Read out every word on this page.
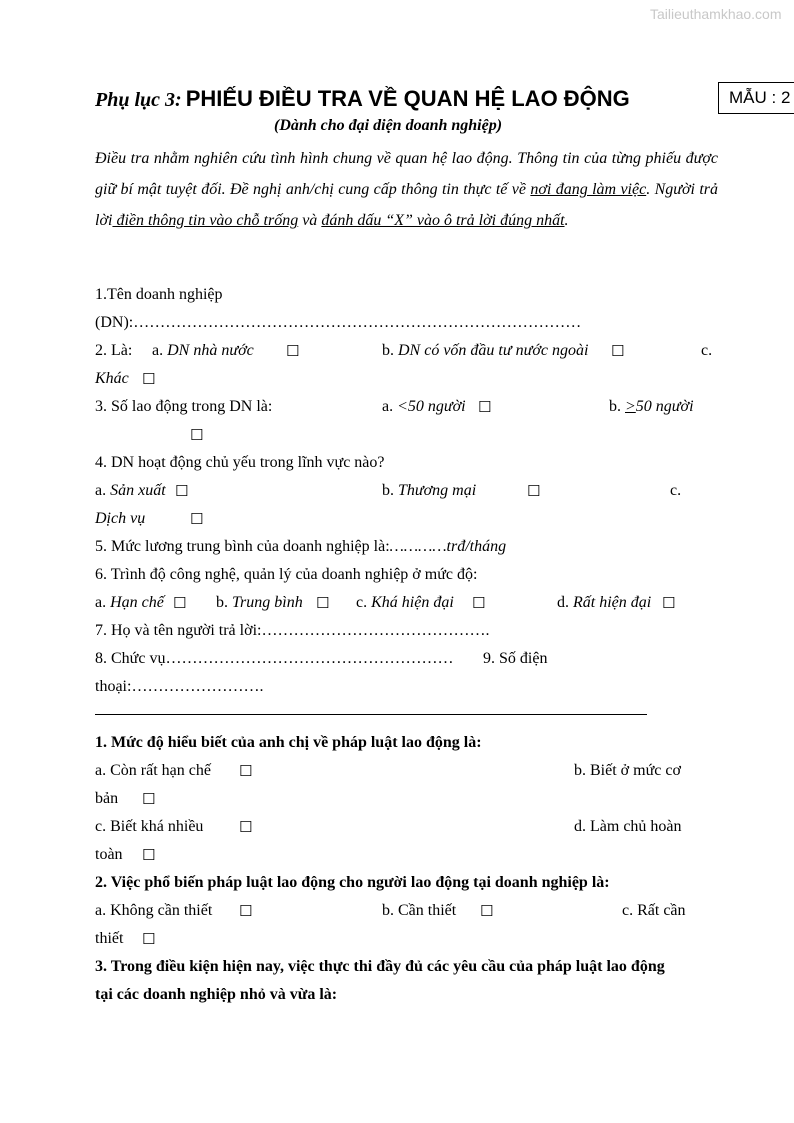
Tailieuthamkhao.com
MẪU : 2
Phụ lục 3: PHIẾU ĐIỀU TRA VỀ QUAN HỆ LAO ĐỘNG
(Dành cho đại diện doanh nghiệp)
Điều tra nhằm nghiên cứu tình hình chung về quan hệ lao động. Thông tin của từng phiếu được giữ bí mật tuyệt đối. Đề nghị anh/chị cung cấp thông tin thực tế về nơi đang làm việc. Người trả lời điền thông tin vào chỗ trống và đánh dấu “X” vào ô trả lời đúng nhất.
1.Tên doanh nghiệp
(DN):…………………………………………………………………………
2. Là: a. DN nhà nước ☐	b. DN có vốn đầu tư nước ngoài ☐	c.
Khác ☐
3. Số lao động trong DN là:	a. <50 người ☐	b. >50 người
☐
4. DN hoạt động chủ yếu trong lĩnh vực nào?
a. Sản xuất ☐	b. Thương mại	☐	c.
Dịch vụ	☐
5. Mức lương trung bình của doanh nghiệp là:…………trđ/tháng
6. Trình độ công nghệ, quản lý của doanh nghiệp ở mức độ:
a. Hạn chế ☐ b. Trung bình ☐ c. Khá hiện đại ☐	d. Rất hiện đại ☐
7. Họ và tên người trả lời:…………………………………….
8. Chức vụ……………………………………………… 9. Số điện
thoại:…………………….
1. Mức độ hiểu biết của anh chị về pháp luật lao động là:
a. Còn rất hạn chế ☐	b. Biết ở mức cơ
bản ☐
c. Biết khá nhiều ☐	d. Làm chủ hoàn
toàn ☐
2. Việc phổ biến pháp luật lao động cho người lao động tại doanh nghiệp là:
a. Không cần thiết ☐	b. Cần thiết ☐	c. Rất cần
thiết ☐
3. Trong điều kiện hiện nay, việc thực thi đầy đủ các yêu cầu của pháp luật lao động
tại các doanh nghiệp nhỏ và vừa là:
